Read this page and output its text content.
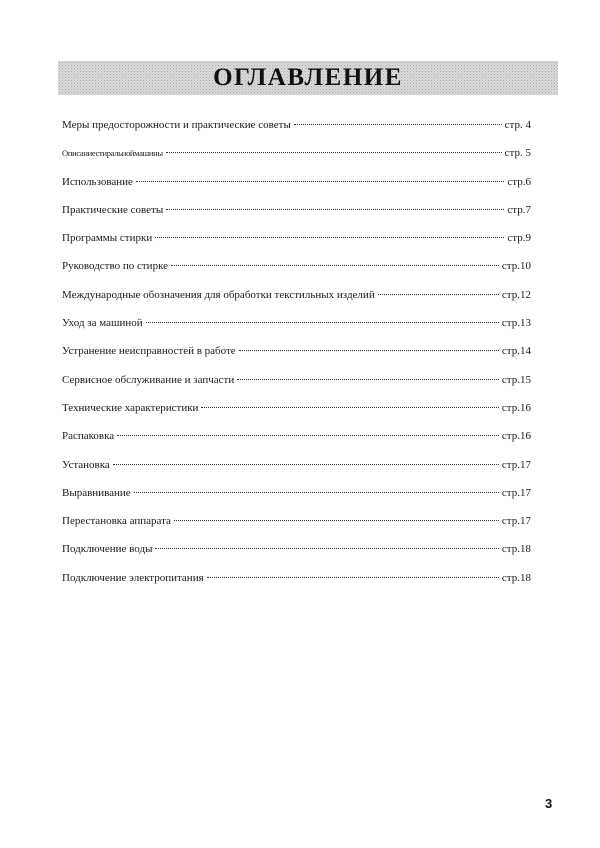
ОГЛАВЛЕНИЕ
Меры предосторожности и практические советы	стр. 4
Описаниестиральноймашины	стр. 5
Использование	стр.6
Практические советы	стр.7
Программы стирки	стр.9
Руководство по стирке	стр.10
Международные обозначения для обработки текстильных изделий	стр.12
Уход за машиной	стр.13
Устранение неисправностей в работе	стр.14
Сервисное обслуживание и запчасти	стр.15
Технические характеристики	стр.16
Распаковка	стр.16
Установка	стр.17
Выравнивание	стр.17
Перестановка аппарата	стр.17
Подключение воды	стр.18
Подключение электропитания	стр.18
3
